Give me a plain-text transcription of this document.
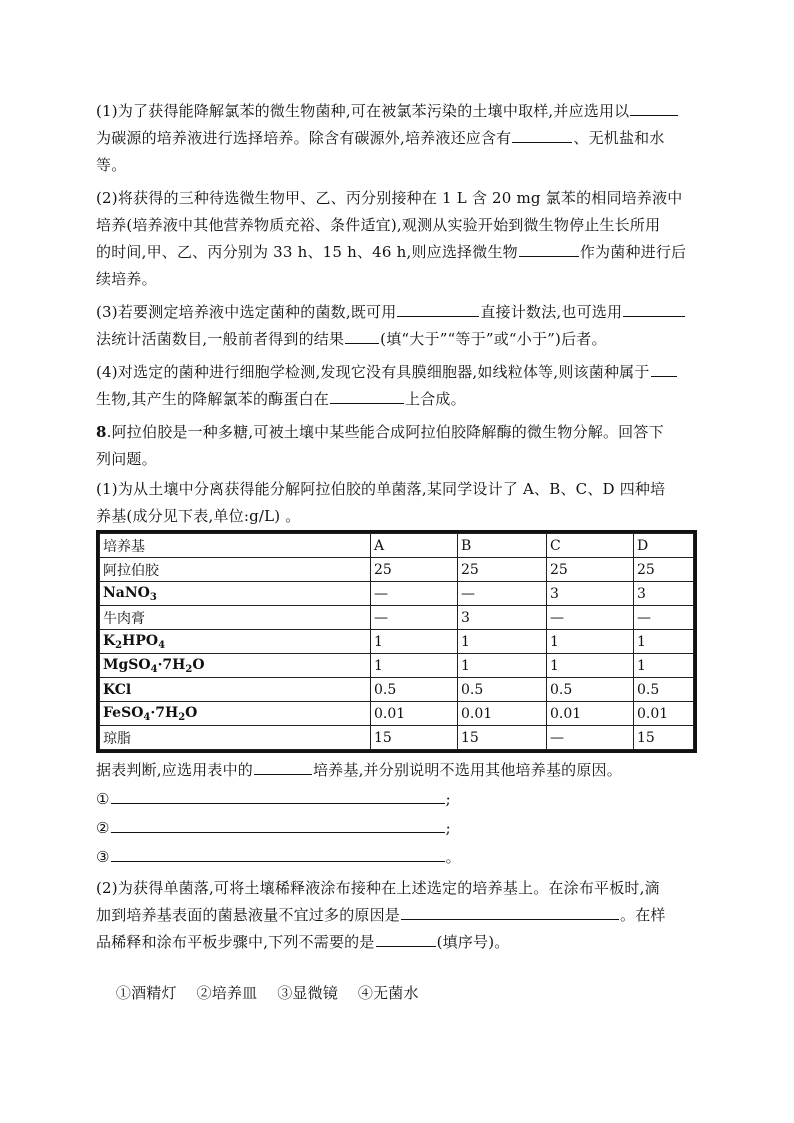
(1)为了获得能降解氯苯的微生物菌种,可在被氯苯污染的土壤中取样,并应选用以
为碳源的培养液进行选择培养。除含有碳源外,培养液还应含有	、无机盐和水
等。
(2)将获得的三种待选微生物甲、乙、丙分别接种在 1 L 含 20 mg 氯苯的相同培养液中
培养(培养液中其他营养物质充裕、条件适宜),观测从实验开始到微生物停止生长所用
的时间,甲、乙、丙分别为 33 h、15 h、46 h,则应选择微生物	作为菌种进行后
续培养。
(3)若要测定培养液中选定菌种的菌数,既可用	直接计数法,也可选用
法统计活菌数目,一般前者得到的结果 (填“大于”“等于”或“小于”)后者。
(4)对选定的菌种进行细胞学检测,发现它没有具膜细胞器,如线粒体等,则该菌种属于
生物,其产生的降解氯苯的酶蛋白在	上合成。
8.阿拉伯胶是一种多糖,可被土壤中某些能合成阿拉伯胶降解酶的微生物分解。回答下
列问题。
(1)为从土壤中分离获得能分解阿拉伯胶的单菌落,某同学设计了 A、B、C、D 四种培
养基(成分见下表,单位:g/L) 。
培养基	A	B	C	D
阿拉伯胶	25	25	25	25
NaNO$_3$	—	—	3	3
牛肉膏	—	3	—	—
$K_2HPO_4$	1	1	1	1
$MgSO_4\cdot 7H_2O$	1	1	1	1
KCl	0.5	0.5	0.5	0.5
$FeSO_4\cdot 7H_2O$	0.01	0.01	0.01	0.01
琼脂	15	15	—	15
据表判断,应选用表中的	培养基,并分别说明不选用其他培养基的原因。
①	;
②	;
③	。
(2)为获得单菌落,可将土壤稀释液涂布接种在上述选定的培养基上。在涂布平板时,滴
加到培养基表面的菌悬液量不宜过多的原因是	。在样
品稀释和涂布平板步骤中,下列不需要的是	(填序号)。

①酒精灯    ②培养皿    ③显微镜    ④无菌水
